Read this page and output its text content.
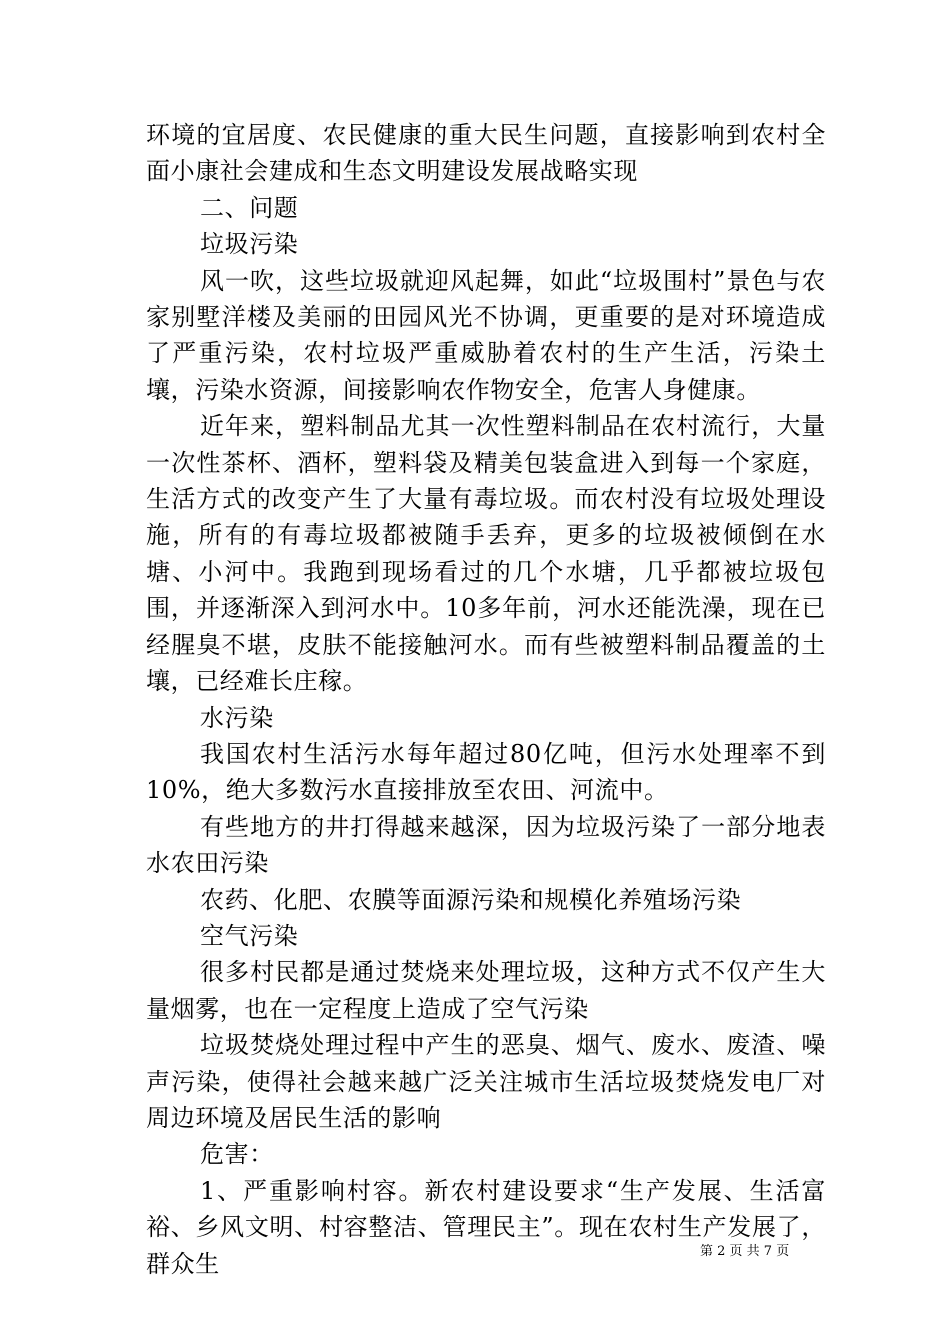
环境的宜居度、农民健康的重大民生问题，直接影响到农村全面小康社会建成和生态文明建设发展战略实现

二、问题

垃圾污染

风一吹，这些垃圾就迎风起舞，如此“垃圾围村”景色与农家别墅洋楼及美丽的田园风光不协调，更重要的是对环境造成了严重污染，农村垃圾严重威胁着农村的生产生活，污染土壤，污染水资源，间接影响农作物安全，危害人身健康。

近年来，塑料制品尤其一次性塑料制品在农村流行，大量一次性茶杯、酒杯，塑料袋及精美包装盒进入到每一个家庭，生活方式的改变产生了大量有毒垃圾。而农村没有垃圾处理设施，所有的有毒垃圾都被随手丢弃，更多的垃圾被倾倒在水塘、小河中。我跑到现场看过的几个水塘，几乎都被垃圾包围，并逐渐深入到河水中。10多年前，河水还能洗澡，现在已经腥臭不堪，皮肤不能接触河水。而有些被塑料制品覆盖的土壤，已经难长庄稼。

水污染

我国农村生活污水每年超过80亿吨，但污水处理率不到10%，绝大多数污水直接排放至农田、河流中。

有些地方的井打得越来越深，因为垃圾污染了一部分地表水农田污染

农药、化肥、农膜等面源污染和规模化养殖场污染

空气污染

很多村民都是通过焚烧来处理垃圾，这种方式不仅产生大量烟雾，也在一定程度上造成了空气污染

垃圾焚烧处理过程中产生的恶臭、烟气、废水、废渣、噪声污染，使得社会越来越广泛关注城市生活垃圾焚烧发电厂对周边环境及居民生活的影响

危害：

1、严重影响村容。新农村建设要求“生产发展、生活富裕、乡风文明、村容整洁、管理民主”。现在农村生产发展了，群众生	第 2 页 共 7 页
